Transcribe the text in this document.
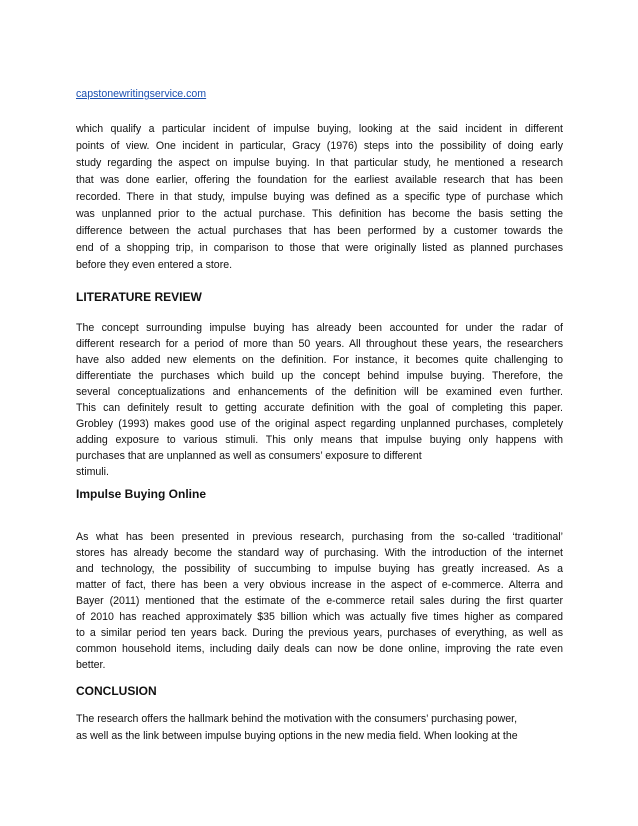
capstonewritingservice.com
which qualify a particular incident of impulse buying, looking at the said incident in different
points of view. One incident in particular, Gracy (1976) steps into the possibility of doing early
study regarding the aspect on impulse buying. In that particular study, he mentioned a research
that was done earlier, offering the foundation for the earliest available research that has been
recorded. There in that study, impulse buying was defined as a specific type of purchase which
was unplanned prior to the actual purchase. This definition has become the basis setting the
difference between the actual purchases that has been performed by a customer towards the
end of a shopping trip, in comparison to those that were originally listed as planned purchases
before they even entered a store.
LITERATURE REVIEW
The concept surrounding impulse buying has already been accounted for under the radar of
different research for a period of more than 50 years. All throughout these years, the researchers
have also added new elements on the definition. For instance, it becomes quite challenging to
differentiate the purchases which build up the concept behind impulse buying. Therefore, the
several conceptualizations and enhancements of the definition will be examined even further.
This can definitely result to getting accurate definition with the goal of completing this paper.
Grobley (1993) makes good use of the original aspect regarding unplanned purchases, completely
adding exposure to various stimuli. This only means that impulse buying only happens with
purchases that are unplanned as well as consumers’ exposure to different
stimuli.
Impulse Buying Online
As what has been presented in previous research, purchasing from the so-called ‘traditional’
stores has already become the standard way of purchasing. With the introduction of the internet
and technology, the possibility of succumbing to impulse buying has greatly increased. As a
matter of fact, there has been a very obvious increase in the aspect of e-commerce. Alterra and
Bayer (2011) mentioned that the estimate of the e-commerce retail sales during the first quarter
of 2010 has reached approximately $35 billion which was actually five times higher as compared
to a similar period ten years back. During the previous years, purchases of everything, as well as
common household items, including daily deals can now be done online, improving the rate even
better.
CONCLUSION
The research offers the hallmark behind the motivation with the consumers’ purchasing power,
as well as the link between impulse buying options in the new media field. When looking at the
